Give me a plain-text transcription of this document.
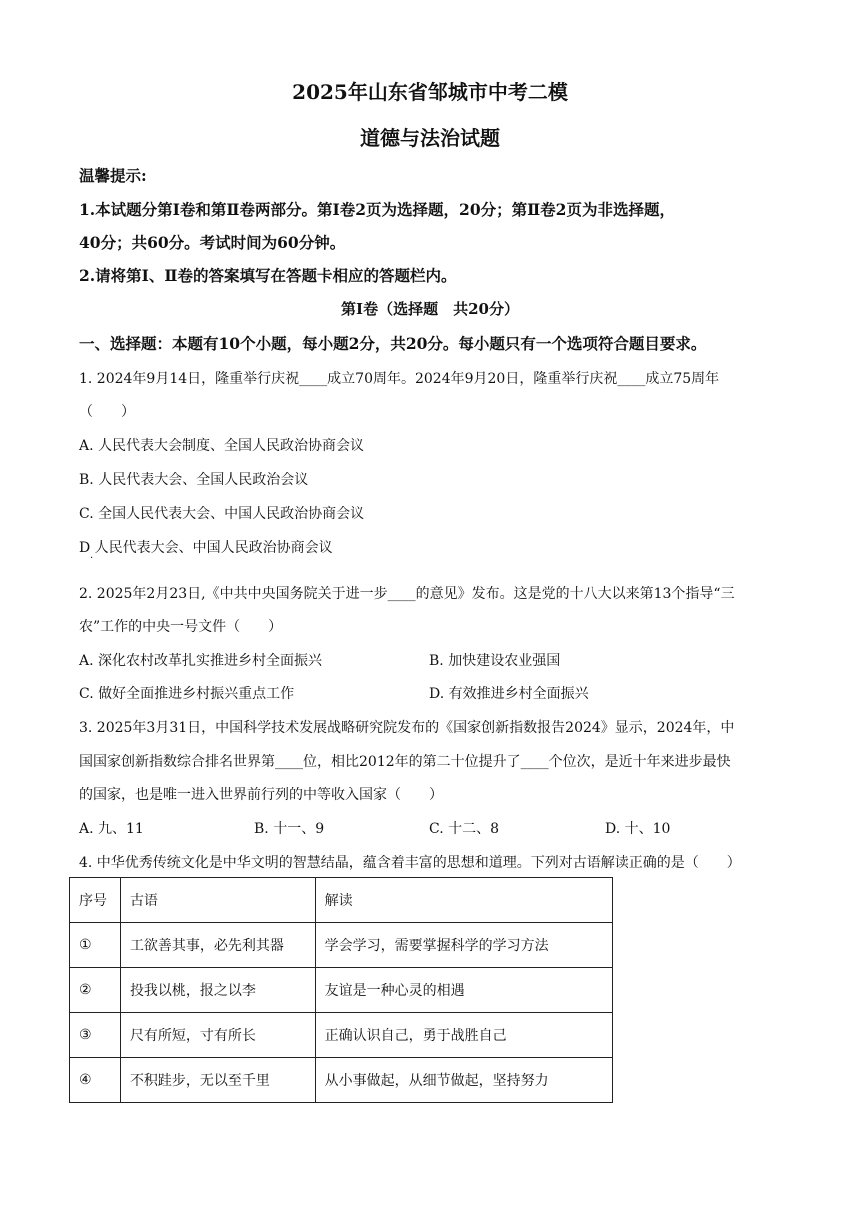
2025年山东省邹城市中考二模
道德与法治试题
温馨提示:
1.本试题分第Ⅰ卷和第Ⅱ卷两部分。第Ⅰ卷2页为选择题，20分；第Ⅱ卷2页为非选择题，
40分；共60分。考试时间为60分钟。
2.请将第Ⅰ、Ⅱ卷的答案填写在答题卡相应的答题栏内。
第Ⅰ卷（选择题　共20分）
一、选择题：本题有10个小题，每小题2分，共20分。每小题只有一个选项符合题目要求。
1. 2024年9月14日，隆重举行庆祝____成立70周年。2024年9月20日，隆重举行庆祝____成立75周年
（　　）
A. 人民代表大会制度、全国人民政治协商会议
B. 人民代表大会、全国人民政治会议
C. 全国人民代表大会、中国人民政治协商会议
D 人民代表大会、中国人民政治协商会议
·
2. 2025年2月23日,《中共中央国务院关于进一步____的意见》发布。这是党的十八大以来第13个指导“三
农”工作的中央一号文件（　　）
A. 深化农村改革扎实推进乡村全面振兴	B. 加快建设农业强国
C. 做好全面推进乡村振兴重点工作	D. 有效推进乡村全面振兴
3. 2025年3月31日，中国科学技术发展战略研究院发布的《国家创新指数报告2024》显示，2024年，中
国国家创新指数综合排名世界第____位，相比2012年的第二十位提升了____个位次，是近十年来进步最快
的国家，也是唯一进入世界前行列的中等收入国家（　　）
A. 九、11	B. 十一、9	C. 十二、8	D. 十、10
4. 中华优秀传统文化是中华文明的智慧结晶，蕴含着丰富的思想和道理。下列对古语解读正确的是（　　）
序号	古语	解读
①	工欲善其事，必先利其器	学会学习，需要掌握科学的学习方法
②	投我以桃，报之以李	友谊是一种心灵的相遇
③	尺有所短，寸有所长	正确认识自己，勇于战胜自己
④	不积跬步，无以至千里	从小事做起，从细节做起，坚持努力
